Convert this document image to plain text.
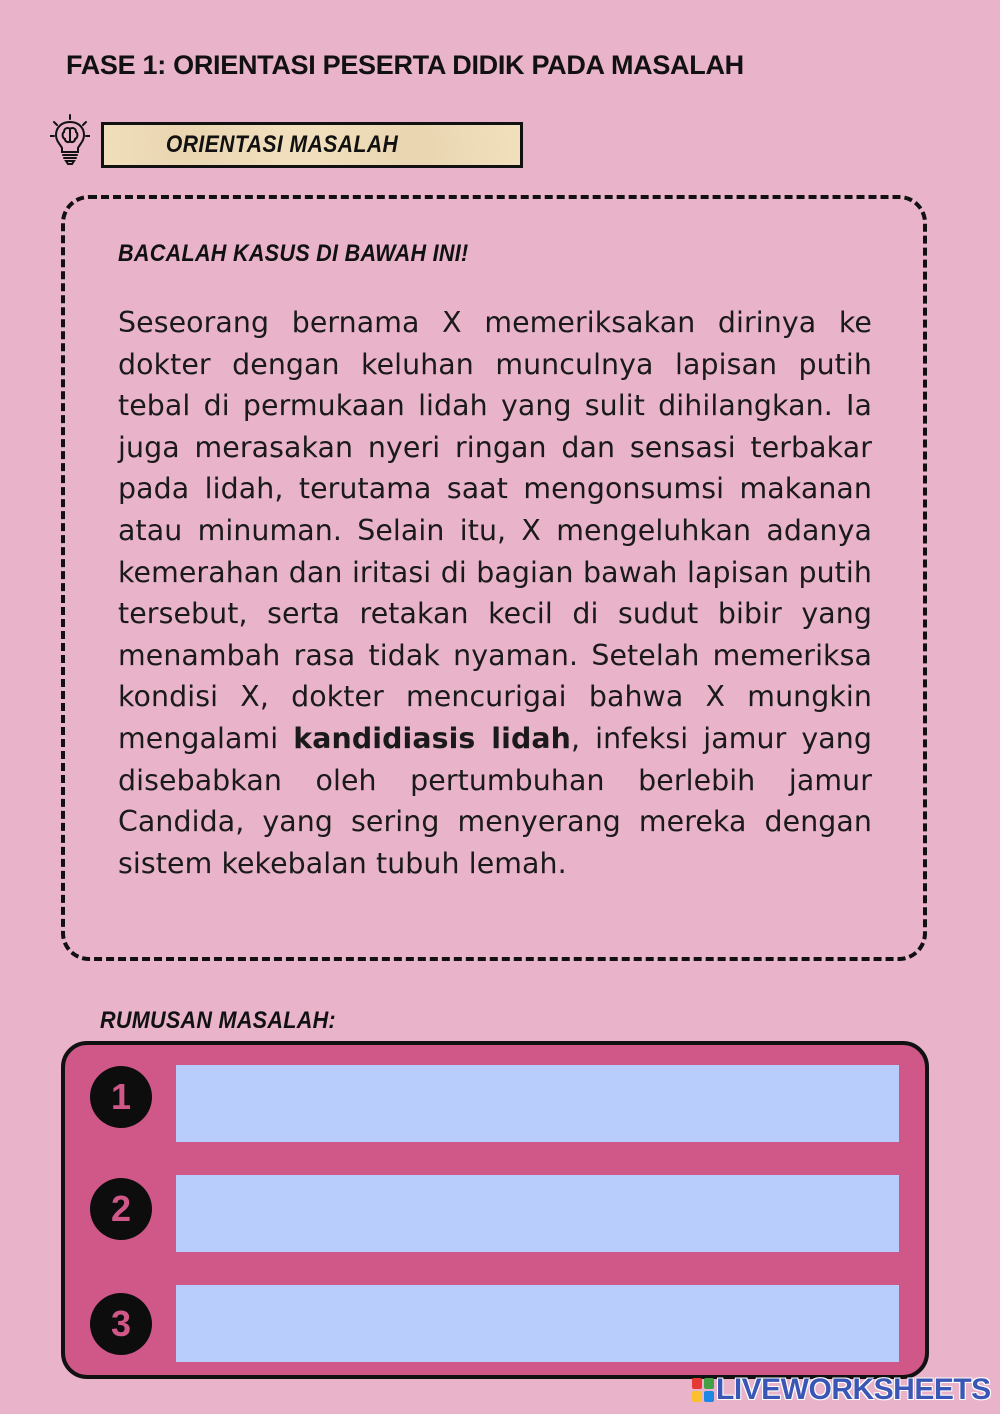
FASE 1: ORIENTASI PESERTA DIDIK PADA MASALAH
ORIENTASI MASALAH
BACALAH KASUS DI BAWAH INI!
Seseorang bernama X memeriksakan dirinya ke dokter dengan keluhan munculnya lapisan putih tebal di permukaan lidah yang sulit dihilangkan. Ia juga merasakan nyeri ringan dan sensasi terbakar pada lidah, terutama saat mengonsumsi makanan atau minuman. Selain itu, X mengeluhkan adanya kemerahan dan iritasi di bagian bawah lapisan putih tersebut, serta retakan kecil di sudut bibir yang menambah rasa tidak nyaman. Setelah memeriksa kondisi X, dokter mencurigai bahwa X mungkin mengalami kandidiasis lidah, infeksi jamur yang disebabkan oleh pertumbuhan berlebih jamur Candida, yang sering menyerang mereka dengan sistem kekebalan tubuh lemah.
RUMUSAN MASALAH:
1
2
3
LIVEWORKSHEETS
